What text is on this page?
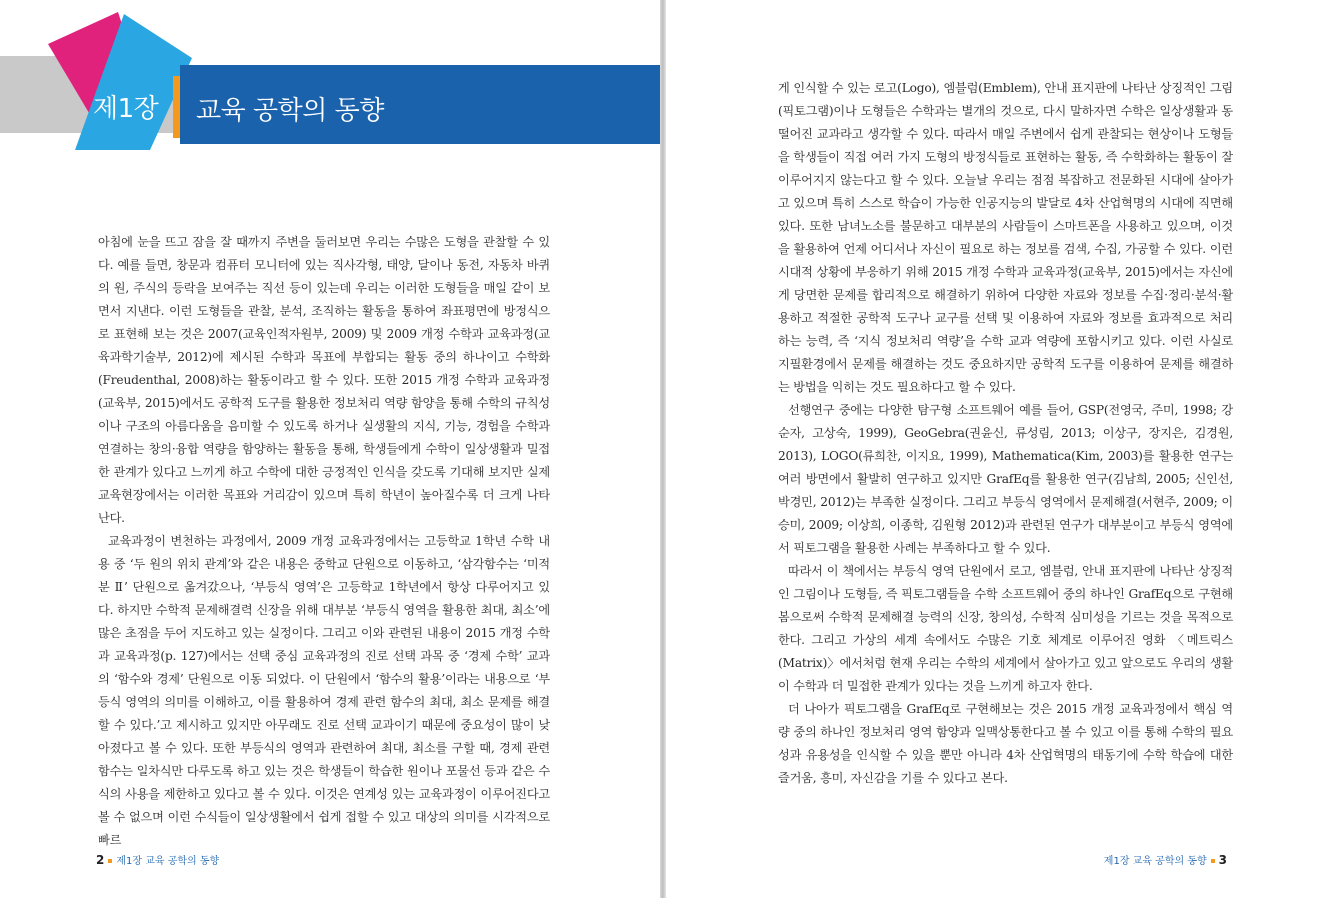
제1장 교육 공학의 동향

아침에 눈을 뜨고 잠을 잘 때까지 주변을 둘러보면 우리는 수많은 도형을 관찰할 수 있다. 예를 들면, 창문과 컴퓨터 모니터에 있는 직사각형, 태양, 달이나 동전, 자동차 바퀴의 원, 주식의 등락을 보여주는 직선 등이 있는데 우리는 이러한 도형들을 매일 같이 보면서 지낸다. 이런 도형들을 관찰, 분석, 조직하는 활동을 통하여 좌표평면에 방정식으로 표현해 보는 것은 2007(교육인적자원부, 2009) 및 2009 개정 수학과 교육과정(교육과학기술부, 2012)에 제시된 수학과 목표에 부합되는 활동 중의 하나이고 수학화(Freudenthal, 2008)하는 활동이라고 할 수 있다. 또한 2015 개정 수학과 교육과정(교육부, 2015)에서도 공학적 도구를 활용한 정보처리 역량 함양을 통해 수학의 규칙성이나 구조의 아름다움을 음미할 수 있도록 하거나 실생활의 지식, 기능, 경험을 수학과 연결하는 창의·융합 역량을 함양하는 활동을 통해, 학생들에게 수학이 일상생활과 밀접한 관계가 있다고 느끼게 하고 수학에 대한 긍정적인 인식을 갖도록 기대해 보지만 실제 교육현장에서는 이러한 목표와 거리감이 있으며 특히 학년이 높아질수록 더 크게 나타난다.

교육과정이 변천하는 과정에서, 2009 개정 교육과정에서는 고등학교 1학년 수학 내용 중 ‘두 원의 위치 관계’와 같은 내용은 중학교 단원으로 이동하고, ‘삼각함수는 ‘미적분 Ⅱ’ 단원으로 옮겨갔으나, ‘부등식 영역’은 고등학교 1학년에서 항상 다루어지고 있다. 하지만 수학적 문제해결력 신장을 위해 대부분 ‘부등식 영역을 활용한 최대, 최소’에 많은 초점을 두어 지도하고 있는 실정이다. 그리고 이와 관련된 내용이 2015 개정 수학과 교육과정(p. 127)에서는 선택 중심 교육과정의 진로 선택 과목 중 ‘경제 수학’ 교과의 ‘함수와 경제’ 단원으로 이동 되었다. 이 단원에서 ‘함수의 활용’이라는 내용으로 ‘부등식 영역의 의미를 이해하고, 이를 활용하여 경제 관련 함수의 최대, 최소 문제를 해결할 수 있다.’고 제시하고 있지만 아무래도 진로 선택 교과이기 때문에 중요성이 많이 낮아졌다고 볼 수 있다. 또한 부등식의 영역과 관련하여 최대, 최소를 구할 때, 경제 관련 함수는 일차식만 다루도록 하고 있는 것은 학생들이 학습한 원이나 포물선 등과 같은 수식의 사용을 제한하고 있다고 볼 수 있다. 이것은 연계성 있는 교육과정이 이루어진다고 볼 수 없으며 이런 수식들이 일상생활에서 쉽게 접할 수 있고 대상의 의미를 시각적으로 빠르

2 제1장 교육 공학의 동향

게 인식할 수 있는 로고(Logo), 엠블럼(Emblem), 안내 표지판에 나타난 상징적인 그림(픽토그램)이나 도형들은 수학과는 별개의 것으로, 다시 말하자면 수학은 일상생활과 동떨어진 교과라고 생각할 수 있다. 따라서 매일 주변에서 쉽게 관찰되는 현상이나 도형들을 학생들이 직접 여러 가지 도형의 방정식들로 표현하는 활동, 즉 수학화하는 활동이 잘 이루어지지 않는다고 할 수 있다. 오늘날 우리는 점점 복잡하고 전문화된 시대에 살아가고 있으며 특히 스스로 학습이 가능한 인공지능의 발달로 4차 산업혁명의 시대에 직면해 있다. 또한 남녀노소를 불문하고 대부분의 사람들이 스마트폰을 사용하고 있으며, 이것을 활용하여 언제 어디서나 자신이 필요로 하는 정보를 검색, 수집, 가공할 수 있다. 이런 시대적 상황에 부응하기 위해 2015 개정 수학과 교육과정(교육부, 2015)에서는 자신에게 당면한 문제를 합리적으로 해결하기 위하여 다양한 자료와 정보를 수집·정리·분석·활용하고 적절한 공학적 도구나 교구를 선택 및 이용하여 자료와 정보를 효과적으로 처리하는 능력, 즉 ‘지식 정보처리 역량’을 수학 교과 역량에 포함시키고 있다. 이런 사실로 지필환경에서 문제를 해결하는 것도 중요하지만 공학적 도구를 이용하여 문제를 해결하는 방법을 익히는 것도 필요하다고 할 수 있다.

선행연구 중에는 다양한 탐구형 소프트웨어 예를 들어, GSP(전영국, 주미, 1998; 강순자, 고상숙, 1999), GeoGebra(권윤신, 류성림, 2013; 이상구, 장지은, 김경원, 2013), LOGO(류희찬, 이지요, 1999), Mathematica(Kim, 2003)를 활용한 연구는 여러 방면에서 활발히 연구하고 있지만 GrafEq를 활용한 연구(김남희, 2005; 신인선, 박경민, 2012)는 부족한 실정이다. 그리고 부등식 영역에서 문제해결(서현주, 2009; 이승미, 2009; 이상희, 이종학, 김원형 2012)과 관련된 연구가 대부분이고 부등식 영역에서 픽토그램을 활용한 사례는 부족하다고 할 수 있다.

따라서 이 책에서는 부등식 영역 단원에서 로고, 엠블럼, 안내 표지판에 나타난 상징적인 그림이나 도형들, 즉 픽토그램들을 수학 소프트웨어 중의 하나인 GrafEq으로 구현해 봄으로써 수학적 문제해결 능력의 신장, 창의성, 수학적 심미성을 기르는 것을 목적으로 한다. 그리고 가상의 세계 속에서도 수많은 기호 체계로 이루어진 영화 〈메트릭스(Matrix)〉에서처럼 현재 우리는 수학의 세계에서 살아가고 있고 앞으로도 우리의 생활이 수학과 더 밀접한 관계가 있다는 것을 느끼게 하고자 한다.

더 나아가 픽토그램을 GrafEq로 구현해보는 것은 2015 개정 교육과정에서 핵심 역량 중의 하나인 정보처리 영역 함양과 일맥상통한다고 볼 수 있고 이를 통해 수학의 필요성과 유용성을 인식할 수 있을 뿐만 아니라 4차 산업혁명의 태동기에 수학 학습에 대한 즐거움, 흥미, 자신감을 기를 수 있다고 본다.

제1장 교육 공학의 동향 3
